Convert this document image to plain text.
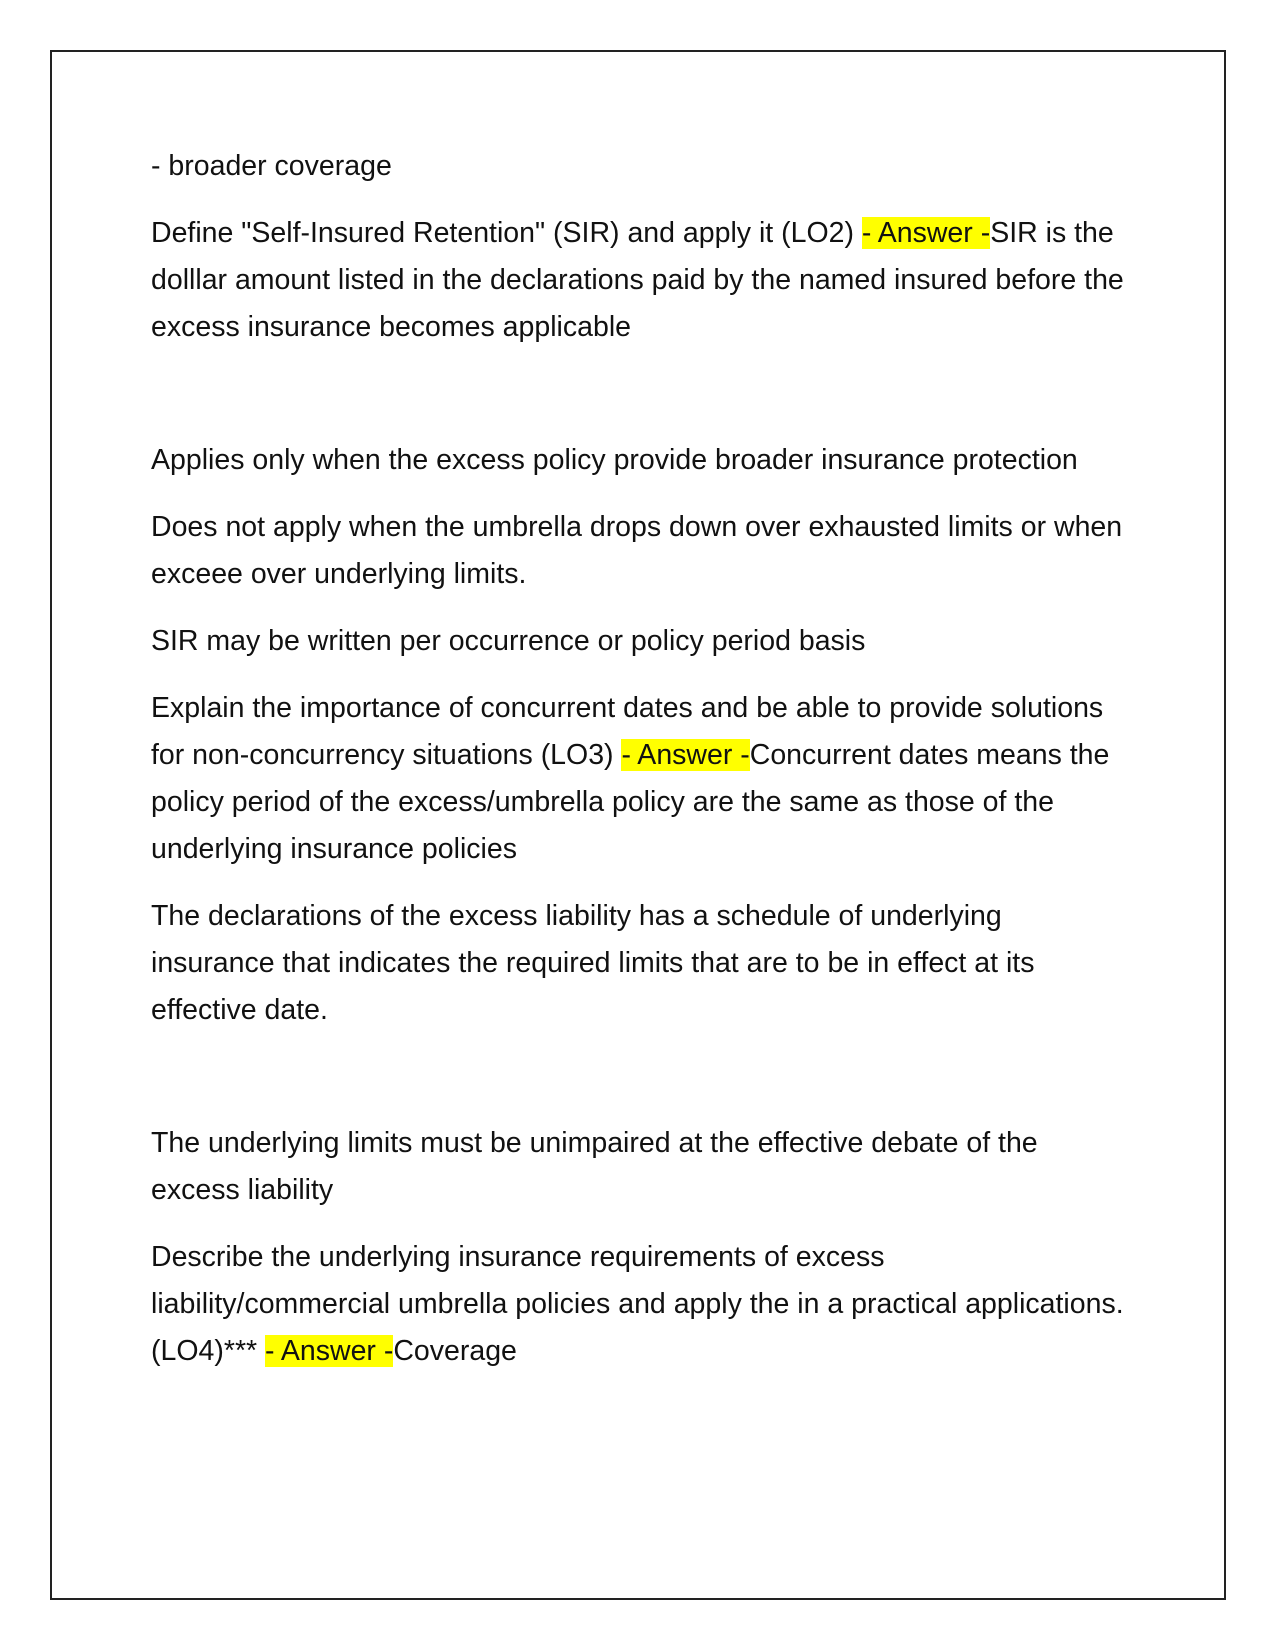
- broader coverage

Define "Self-Insured Retention" (SIR) and apply it (LO2) - Answer -SIR is the dolllar amount listed in the declarations paid by the named insured before the excess insurance becomes applicable

Applies only when the excess policy provide broader insurance protection

Does not apply when the umbrella drops down over exhausted limits or when exceee over underlying limits.

SIR may be written per occurrence or policy period basis

Explain the importance of concurrent dates and be able to provide solutions for non-concurrency situations (LO3) - Answer -Concurrent dates means the policy period of the excess/umbrella policy are the same as those of the underlying insurance policies

The declarations of the excess liability has a schedule of underlying insurance that indicates the required limits that are to be in effect at its effective date.

The underlying limits must be unimpaired at the effective debate of the excess liability

Describe the underlying insurance requirements of excess liability/commercial umbrella policies and apply the in a practical applications. (LO4)*** - Answer -Coverage
